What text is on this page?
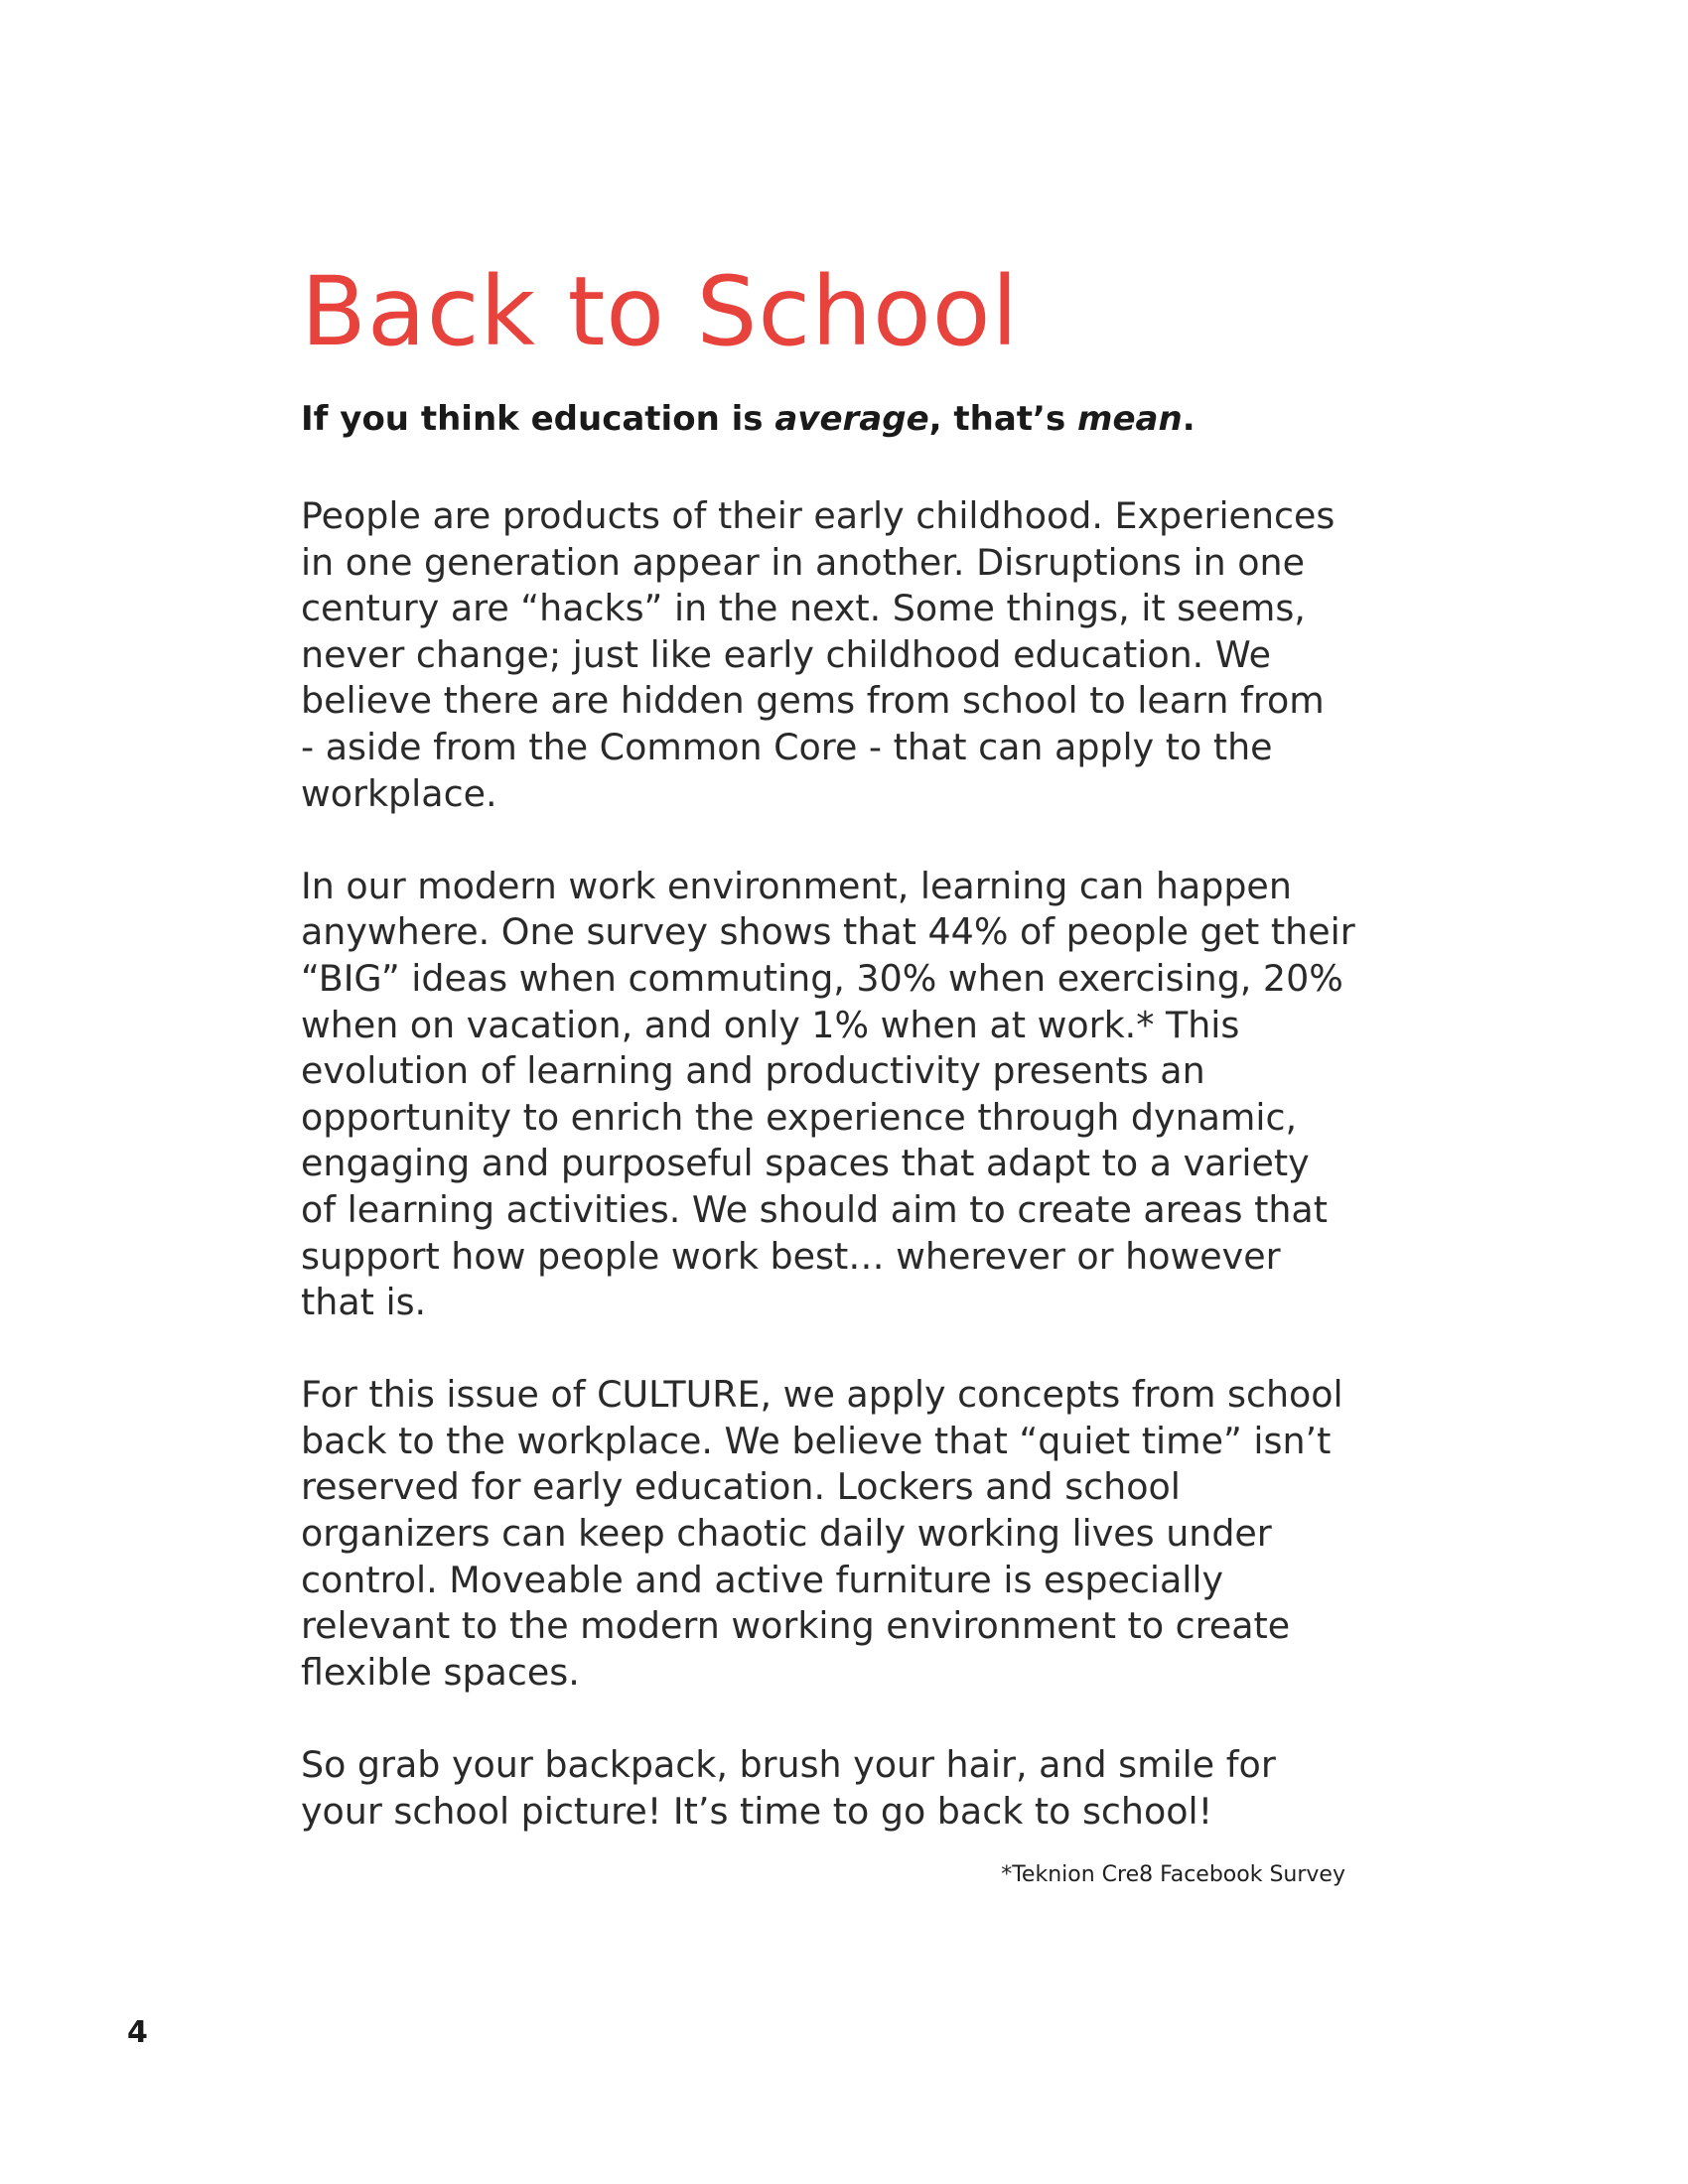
Back to School

If you think education is average, that’s mean.

People are products of their early childhood. Experiences
in one generation appear in another. Disruptions in one
century are “hacks” in the next. Some things, it seems,
never change; just like early childhood education. We
believe there are hidden gems from school to learn from
- aside from the Common Core - that can apply to the
workplace.

In our modern work environment, learning can happen
anywhere. One survey shows that 44% of people get their
“BIG” ideas when commuting, 30% when exercising, 20%
when on vacation, and only 1% when at work.* This
evolution of learning and productivity presents an
opportunity to enrich the experience through dynamic,
engaging and purposeful spaces that adapt to a variety
of learning activities. We should aim to create areas that
support how people work best… wherever or however
that is.

For this issue of CULTURE, we apply concepts from school
back to the workplace. We believe that “quiet time” isn’t
reserved for early education. Lockers and school
organizers can keep chaotic daily working lives under
control. Moveable and active furniture is especially
relevant to the modern working environment to create
flexible spaces.

So grab your backpack, brush your hair, and smile for
your school picture! It’s time to go back to school!

*Teknion Cre8 Facebook Survey

4
